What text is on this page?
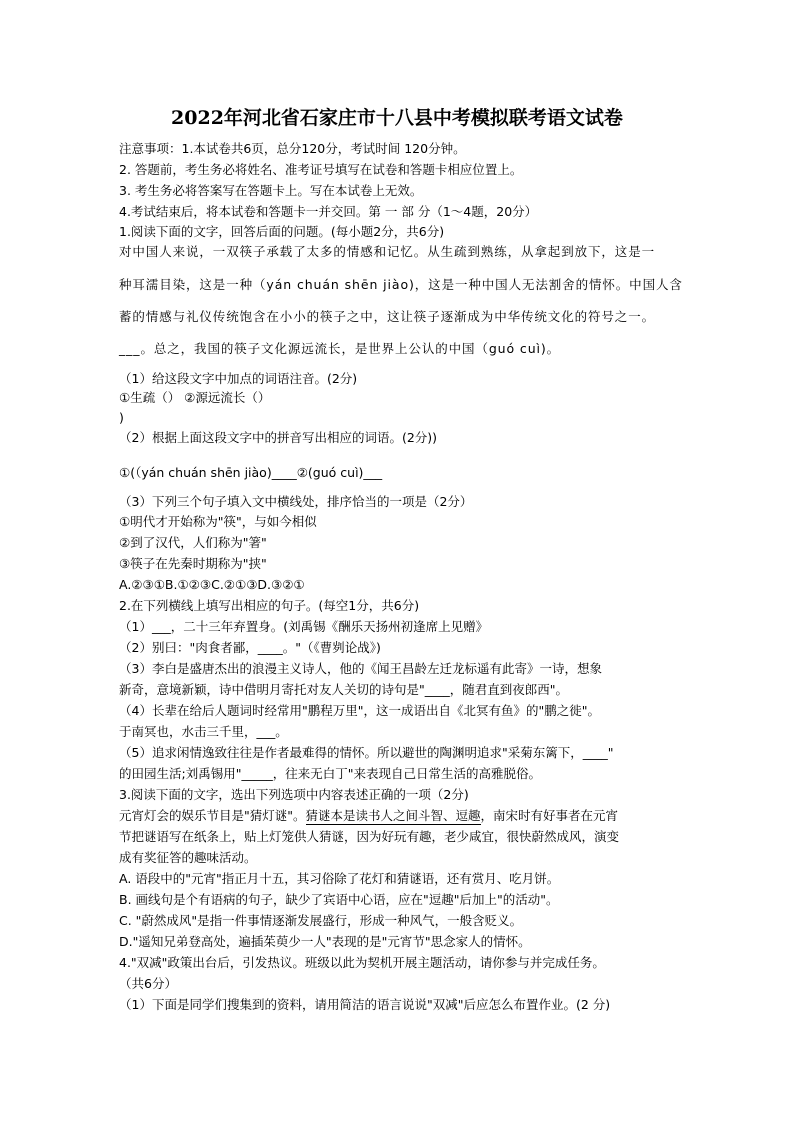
2022年河北省石家庄市十八县中考模拟联考语文试卷
注意事项：1.本试卷共6页，总分120分，考试时间 120分钟。
2. 答题前，考生务必将姓名、准考证号填写在试卷和答题卡相应位置上。
3. 考生务必将答案写在答题卡上。写在本试卷上无效。
4.考试结束后，将本试卷和答题卡一并交回。第 一 部 分（1～4题，20分）
1.阅读下面的文字，回答后面的问题。(每小题2分，共6分)
对中国人来说，一双筷子承载了太多的情感和记忆。从生疏到熟练，从拿起到放下，这是一
种耳濡目染，这是一种（yán chuán shēn jiào)，这是一种中国人无法割舍的情怀。中国人含
蓄的情感与礼仪传统饱含在小小的筷子之中，这让筷子逐渐成为中华传统文化的符号之一。
___。总之，我国的筷子文化源远流长，是世界上公认的中国（guó cuì)。
（1）给这段文字中加点的词语注音。(2分)
①生疏（） ②源远流长（）
)
（2）根据上面这段文字中的拼音写出相应的词语。(2分))
①(（yán chuán shēn jiào)____②(guó cuì)___
（3）下列三个句子填入文中横线处，排序恰当的一项是（2分）
①明代才开始称为"筷"，与如今相似
②到了汉代，人们称为"箸"
③筷子在先秦时期称为"挟"
A.②③①B.①②③C.②①③D.③②①
2.在下列横线上填写出相应的句子。(每空1分，共6分)
（1）___，二十三年弃置身。(刘禹锡《酬乐天扬州初逢席上见赠》
（2）别曰："肉食者鄙，____。"（《曹刿论战》)
（3）李白是盛唐杰出的浪漫主义诗人，他的《闻王昌龄左迁龙标遥有此寄》一诗，想象
新奇，意境新颖，诗中借明月寄托对友人关切的诗句是"____，随君直到夜郎西"。
（4）长辈在给后人题词时经常用"鹏程万里"，这一成语出自《北冥有鱼》的"鹏之徙"。
于南冥也，水击三千里，___。
（5）追求闲情逸致往往是作者最难得的情怀。所以避世的陶渊明追求"采菊东篱下，____"
的田园生活;刘禹锡用"_____，往来无白丁"来表现自己日常生活的高雅脱俗。
3.阅读下面的文字，选出下列选项中内容表述正确的一项（2分)
元宵灯会的娱乐节目是"猜灯谜"。猜谜本是读书人之间斗智、逗趣，南宋时有好事者在元宵
节把谜语写在纸条上，贴上灯笼供人猜谜，因为好玩有趣，老少咸宜，很快蔚然成风，演变
成有奖征答的趣味活动。
A. 语段中的"元宵"指正月十五，其习俗除了花灯和猜谜语，还有赏月、吃月饼。
B. 画线句是个有语病的句子，缺少了宾语中心语，应在"逗趣"后加上"的活动"。
C. "蔚然成风"是指一件事情逐渐发展盛行，形成一种风气，一般含贬义。
D."遥知兄弟登高处，遍插茱萸少一人"表现的是"元宵节"思念家人的情怀。
4."双减"政策出台后，引发热议。班级以此为契机开展主题活动，请你参与并完成任务。
（共6分）
（1）下面是同学们搜集到的资料，请用简洁的语言说说"双减"后应怎么布置作业。(2 分)
